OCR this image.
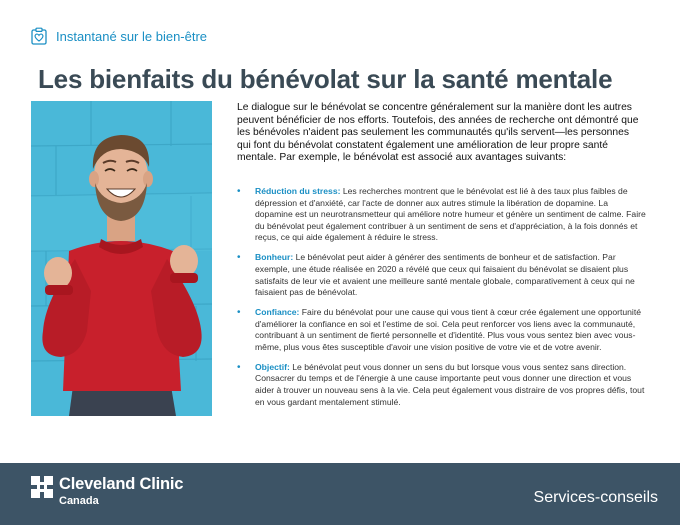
Instantané sur le bien-être
Les bienfaits du bénévolat sur la santé mentale

Le dialogue sur le bénévolat se concentre généralement sur la manière dont les autres peuvent bénéficier de nos efforts. Toutefois, des années de recherche ont démontré que les bénévoles n'aident pas seulement les communautés qu'ils servent—les personnes qui font du bénévolat constatent également une amélioration de leur propre santé mentale. Par exemple, le bénévolat est associé aux avantages suivants:

• Réduction du stress: Les recherches montrent que le bénévolat est lié à des taux plus faibles de dépression et d'anxiété, car l'acte de donner aux autres stimule la libération de dopamine. La dopamine est un neurotransmetteur qui améliore notre humeur et génère un sentiment de calme. Faire du bénévolat peut également contribuer à un sentiment de sens et d'appréciation, à la fois donnés et reçus, ce qui aide également à réduire le stress.
• Bonheur: Le bénévolat peut aider à générer des sentiments de bonheur et de satisfaction. Par exemple, une étude réalisée en 2020 a révélé que ceux qui faisaient du bénévolat se disaient plus satisfaits de leur vie et avaient une meilleure santé mentale globale, comparativement à ceux qui ne faisaient pas de bénévolat.
• Confiance: Faire du bénévolat pour une cause qui vous tient à cœur crée également une opportunité d'améliorer la confiance en soi et l'estime de soi. Cela peut renforcer vos liens avec la communauté, contribuant à un sentiment de fierté personnelle et d'identité. Plus vous vous sentez bien avec vous-même, plus vous êtes susceptible d'avoir une vision positive de votre vie et de votre avenir.
• Objectif: Le bénévolat peut vous donner un sens du but lorsque vous vous sentez sans direction. Consacrer du temps et de l'énergie à une cause importante peut vous donner une direction et vous aider à trouver un nouveau sens à la vie. Cela peut également vous distraire de vos propres défis, tout en vous gardant mentalement stimulé.
Cleveland Clinic
Canada	Services-conseils
